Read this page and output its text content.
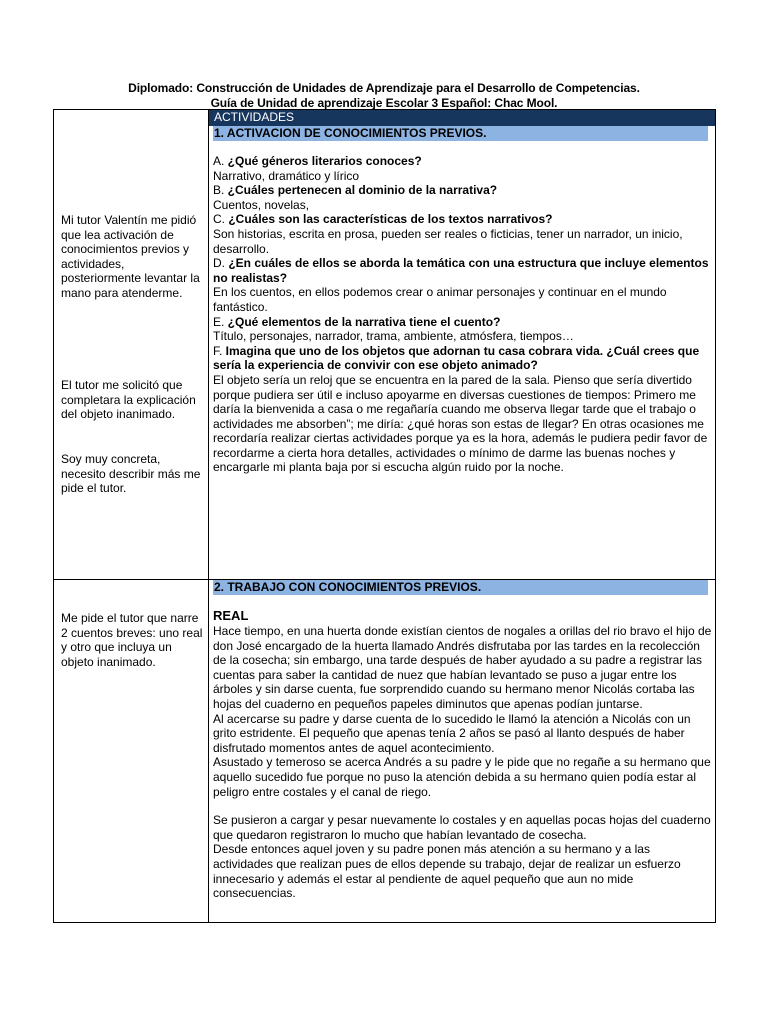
Diplomado: Construcción de Unidades de Aprendizaje para el Desarrollo de Competencias.
Guía de Unidad de aprendizaje Escolar 3 Español: Chac Mool.
ACTIVIDADES
1. ACTIVACION DE CONOCIMIENTOS PREVIOS.
Mi tutor Valentín me pidió que lea activación de conocimientos previos y actividades, posteriormente levantar la mano para atenderme.
El tutor me solicitó que completara la explicación del objeto inanimado.
Soy muy concreta, necesito describir más me pide el tutor.

A. ¿Qué géneros literarios conoces?

Narrativo, dramático y lírico

B. ¿Cuáles pertenecen al dominio de la narrativa?

Cuentos, novelas,

C. ¿Cuáles son las características de los textos narrativos?

Son historias, escrita en prosa, pueden ser reales o ficticias, tener un narrador, un inicio, desarrollo.

D. ¿En cuáles de ellos se aborda la temática con una estructura que incluye elementos no realistas?

En los cuentos, en ellos podemos crear o animar personajes y continuar en el mundo fantástico.

E. ¿Qué elementos de la narrativa tiene el cuento?

Título, personajes, narrador, trama, ambiente, atmósfera, tiempos…

F. Imagina que uno de los objetos que adornan tu casa cobrara vida. ¿Cuál crees que sería la experiencia de convivir con ese objeto animado?

El objeto sería un reloj que se encuentra en la pared de la sala. Pienso que sería divertido porque pudiera ser útil e incluso apoyarme en diversas cuestiones de tiempos: Primero me daría la bienvenida a casa o me regañaría cuando me observa llegar tarde que el trabajo o actividades me absorben”; me diría: ¿qué horas son estas de llegar? En otras ocasiones me recordaría realizar ciertas actividades porque ya es la hora, además le pudiera pedir favor de recordarme a cierta hora detalles, actividades o mínimo de darme las buenas noches y encargarle mi planta baja por si escucha algún ruido por la noche.

2. TRABAJO CON CONOCIMIENTOS PREVIOS.
Me pide el tutor que narre 2 cuentos breves: uno real y otro que incluya un objeto inanimado.

REAL

Hace tiempo, en una huerta donde existían cientos de nogales a orillas del rio bravo el hijo de don José encargado de la huerta llamado Andrés disfrutaba por las tardes en la recolección de la cosecha; sin embargo, una tarde después de haber ayudado a su padre a registrar las cuentas para saber la cantidad de nuez que habían levantado se puso a jugar entre los árboles y sin darse cuenta, fue sorprendido cuando su hermano menor Nicolás cortaba las hojas del cuaderno en pequeños papeles diminutos que apenas podían juntarse.

Al acercarse su padre y darse cuenta de lo sucedido le llamó la atención a Nicolás con un grito estridente. El pequeño que apenas tenía 2 años se pasó al llanto después de haber disfrutado momentos antes de aquel acontecimiento.

Asustado y temeroso se acerca Andrés a su padre y le pide que no regañe a su hermano que aquello sucedido fue porque no puso la atención debida a su hermano quien podía estar al peligro entre costales y el canal de riego.

Se pusieron a cargar y pesar nuevamente lo costales y en aquellas pocas hojas del cuaderno que quedaron registraron lo mucho que habían levantado de cosecha.

Desde entonces aquel joven y su padre ponen más atención a su hermano y a las actividades que realizan pues de ellos depende su trabajo, dejar de realizar un esfuerzo innecesario y además el estar al pendiente de aquel pequeño que aun no mide consecuencias.
